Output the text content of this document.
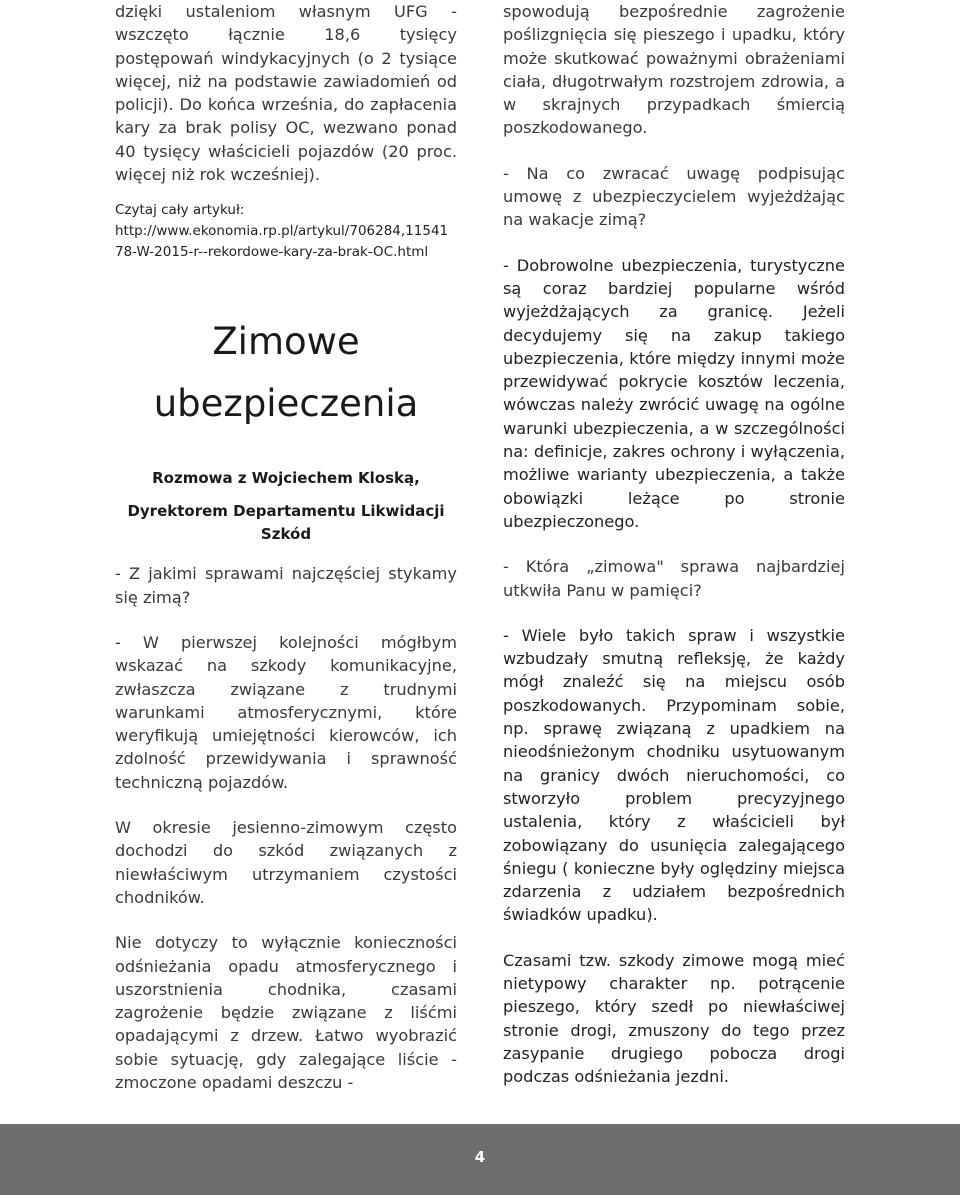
dzięki ustaleniom własnym UFG - wszczęto łącznie 18,6 tysięcy postępowań windykacyjnych (o 2 tysiące więcej, niż na podstawie zawiadomień od policji). Do końca września, do zapłacenia kary za brak polisy OC, wezwano ponad 40 tysięcy właścicieli pojazdów (20 proc. więcej niż rok wcześniej).

Czytaj cały artykuł:
http://www.ekonomia.rp.pl/artykul/706284,11541
78-W-2015-r--rekordowe-kary-za-brak-OC.html
Zimowe
ubezpieczenia
Rozmowa z Wojciechem Kloską,
Dyrektorem Departamentu Likwidacji Szkód

- Z jakimi sprawami najczęściej stykamy się zimą?

- W pierwszej kolejności mógłbym wskazać na szkody komunikacyjne, zwłaszcza związane z trudnymi warunkami atmosferycznymi, które weryfikują umiejętności kierowców, ich zdolność przewidywania i sprawność techniczną pojazdów.

W okresie jesienno-zimowym często dochodzi do szkód związanych z niewłaściwym utrzymaniem czystości chodników.

Nie dotyczy to wyłącznie konieczności odśnieżania opadu atmosferycznego i uszorstnienia chodnika, czasami zagrożenie będzie związane z liśćmi opadającymi z drzew. Łatwo wyobrazić sobie sytuację, gdy zalegające liście - zmoczone opadami deszczu -

spowodują bezpośrednie zagrożenie poślizgnięcia się pieszego i upadku, który może skutkować poważnymi obrażeniami ciała, długotrwałym rozstrojem zdrowia, a w skrajnych przypadkach śmiercią poszkodowanego.

- Na co zwracać uwagę podpisując umowę z ubezpieczycielem wyjeżdżając na wakacje zimą?

- Dobrowolne ubezpieczenia, turystyczne są coraz bardziej popularne wśród wyjeżdżających za granicę. Jeżeli decydujemy się na zakup takiego ubezpieczenia, które między innymi może przewidywać pokrycie kosztów leczenia, wówczas należy zwrócić uwagę na ogólne warunki ubezpieczenia, a w szczególności na: definicje, zakres ochrony i wyłączenia, możliwe warianty ubezpieczenia, a także obowiązki leżące po stronie ubezpieczonego.

- Która „zimowa" sprawa najbardziej utkwiła Panu w pamięci?

- Wiele było takich spraw i wszystkie wzbudzały smutną refleksję, że każdy mógł znaleźć się na miejscu osób poszkodowanych. Przypominam sobie, np. sprawę związaną z upadkiem na nieodśnieżonym chodniku usytuowanym na granicy dwóch nieruchomości, co stworzyło problem precyzyjnego ustalenia, który z właścicieli był zobowiązany do usunięcia zalegającego śniegu ( konieczne były oględziny miejsca zdarzenia z udziałem bezpośrednich świadków upadku).

Czasami tzw. szkody zimowe mogą mieć nietypowy charakter np. potrącenie pieszego, który szedł po niewłaściwej stronie drogi, zmuszony do tego przez zasypanie drugiego pobocza drogi podczas odśnieżania jezdni.

4
